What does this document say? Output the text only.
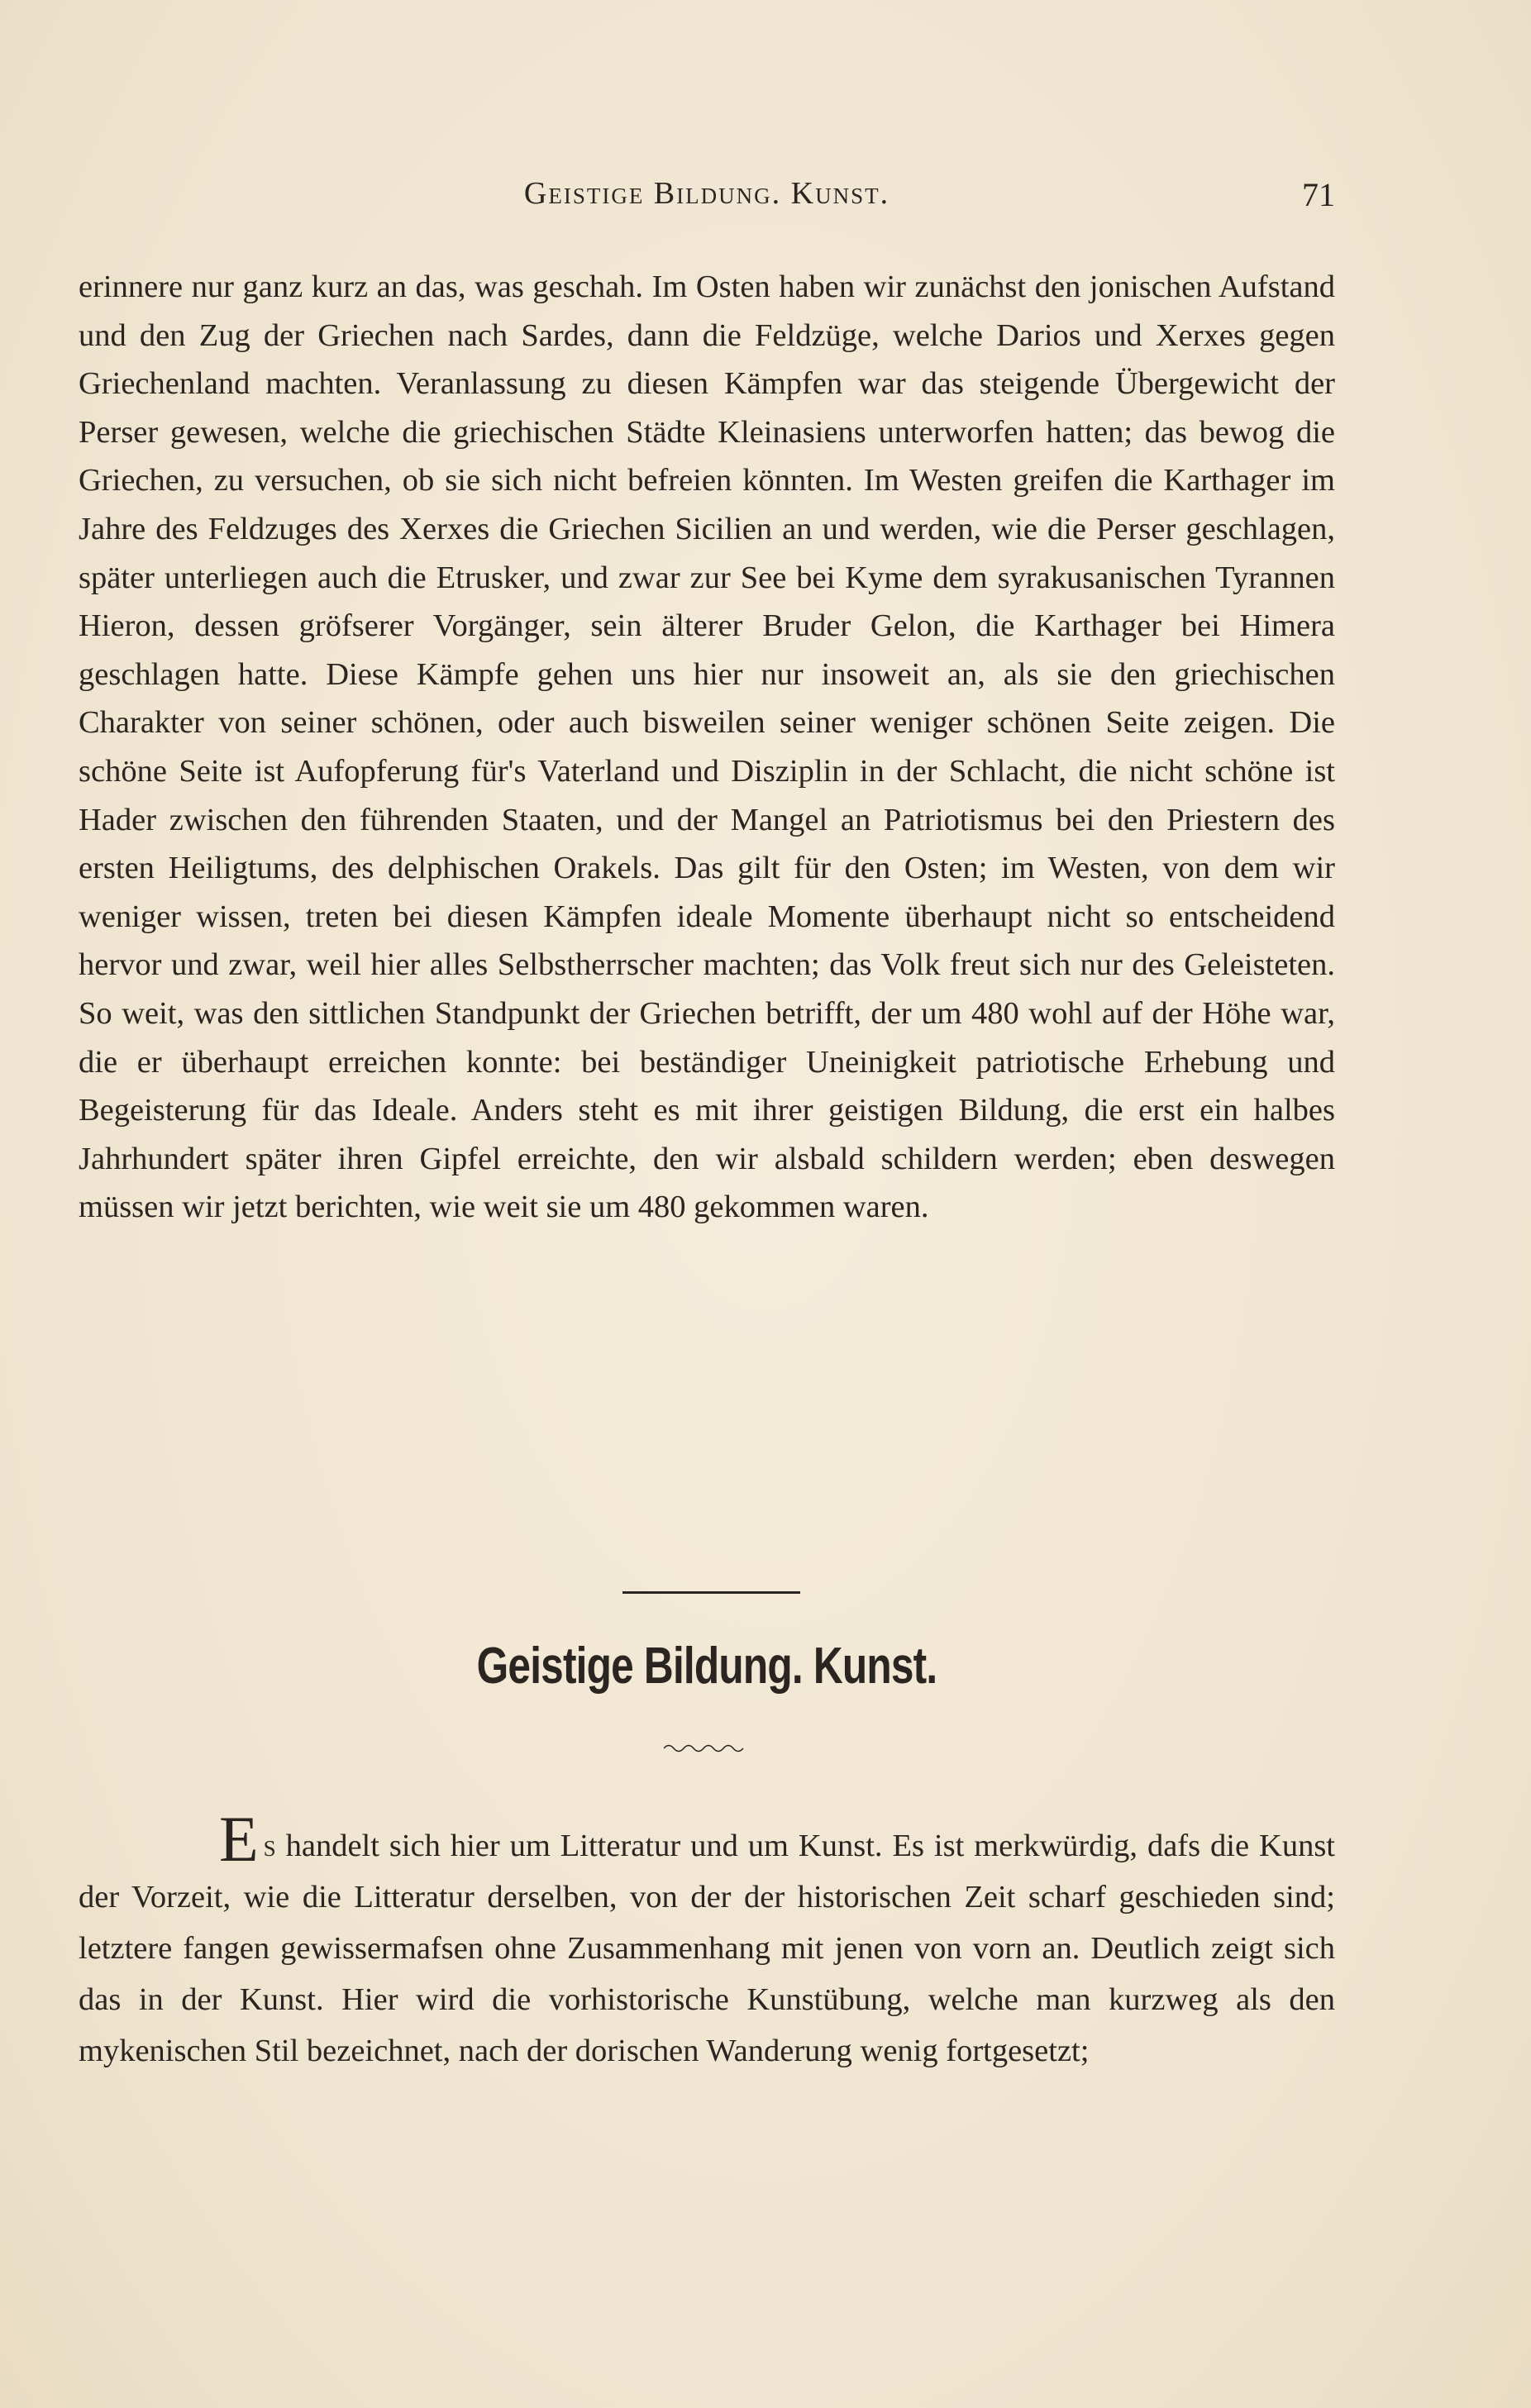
Geistige Bildung. Kunst.	71

erinnere nur ganz kurz an das, was geschah. Im Osten haben wir zunächst den jonischen Aufstand und den Zug der Griechen nach Sardes, dann die Feldzüge, welche Darios und Xerxes gegen Griechenland machten. Veranlassung zu diesen Kämpfen war das steigende Übergewicht der Perser gewesen, welche die griechischen Städte Kleinasiens unterworfen hatten; das bewog die Griechen, zu versuchen, ob sie sich nicht befreien könnten. Im Westen greifen die Karthager im Jahre des Feldzuges des Xerxes die Griechen Sicilien an und werden, wie die Perser geschlagen, später unterliegen auch die Etrusker, und zwar zur See bei Kyme dem syrakusanischen Tyrannen Hieron, dessen gröfserer Vorgänger, sein älterer Bruder Gelon, die Karthager bei Himera geschlagen hatte. Diese Kämpfe gehen uns hier nur insoweit an, als sie den griechischen Charakter von seiner schönen, oder auch bisweilen seiner weniger schönen Seite zeigen. Die schöne Seite ist Aufopferung für's Vaterland und Disziplin in der Schlacht, die nicht schöne ist Hader zwischen den führenden Staaten, und der Mangel an Patriotismus bei den Priestern des ersten Heiligtums, des delphischen Orakels. Das gilt für den Osten; im Westen, von dem wir weniger wissen, treten bei diesen Kämpfen ideale Momente überhaupt nicht so entscheidend hervor und zwar, weil hier alles Selbstherrscher machten; das Volk freut sich nur des Geleisteten. So weit, was den sittlichen Standpunkt der Griechen betrifft, der um 480 wohl auf der Höhe war, die er überhaupt erreichen konnte: bei beständiger Uneinigkeit patriotische Erhebung und Begeisterung für das Ideale. Anders steht es mit ihrer geistigen Bildung, die erst ein halbes Jahrhundert später ihren Gipfel erreichte, den wir alsbald schildern werden; eben deswegen müssen wir jetzt berichten, wie weit sie um 480 gekommen waren.

Geistige Bildung. Kunst.

Es handelt sich hier um Litteratur und um Kunst. Es ist merkwürdig, dafs die Kunst der Vorzeit, wie die Litteratur derselben, von der der historischen Zeit scharf geschieden sind; letztere fangen gewissermafsen ohne Zusammenhang mit jenen von vorn an. Deutlich zeigt sich das in der Kunst. Hier wird die vorhistorische Kunstübung, welche man kurzweg als den mykenischen Stil bezeichnet, nach der dorischen Wanderung wenig fortgesetzt;
